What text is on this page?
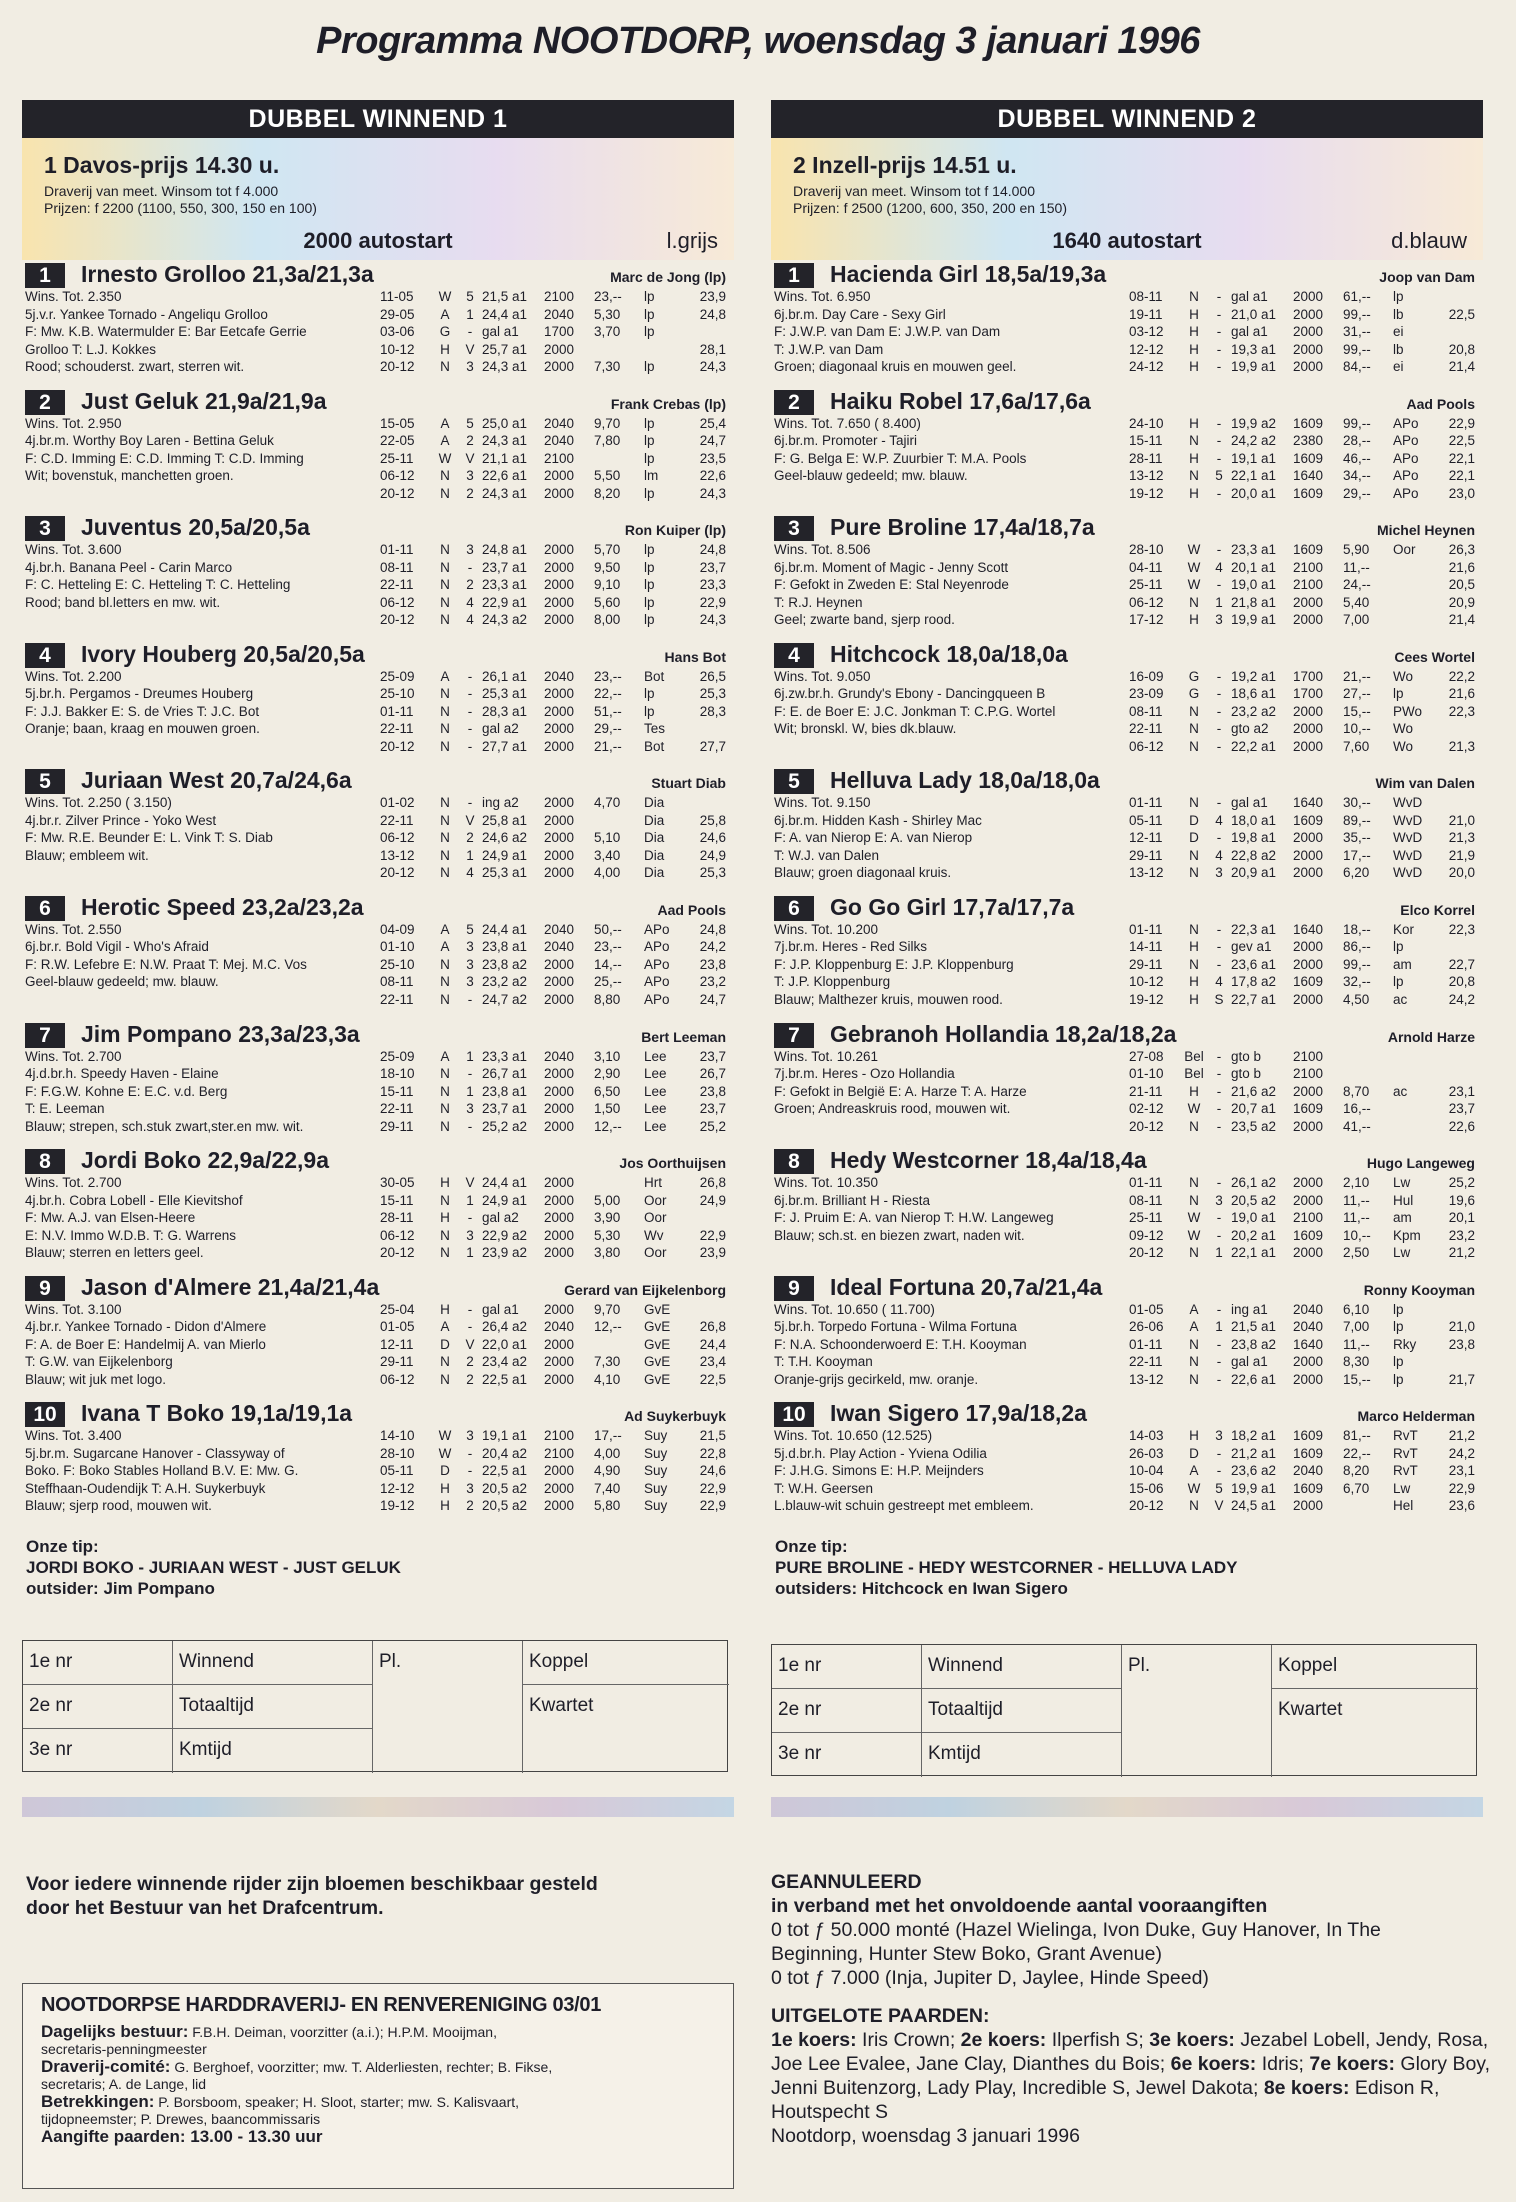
Programma NOOTDORP, woensdag 3 januari 1996
DUBBEL WINNEND 1
1 Davos-prijs 14.30 u.
Draverij van meet. Winsom tot f 4.000
Prijzen: f 2200 (1100, 550, 300, 150 en 100)
2000 autostart	l.grijs
1	Irnesto Grolloo 21,3a/21,3a	Marc de Jong (lp)
Wins. Tot. 2.350
5j.v.r. Yankee Tornado - Angeliqu Grolloo
F: Mw. K.B. Watermulder E: Bar Eetcafe Gerrie
Grolloo T: L.J. Kokkes
Rood; schouderst. zwart, sterren wit.
11-05	W	5 21,5 a1	2100	23,--	lp	23,9
29-05	A	1 24,4 a1	2040	5,30	lp	24,8
03-06	G	- gal a1	1700	3,70	lp
10-12	H	V 25,7 a1	2000	28,1
20-12	N	3 24,3 a1	2000	7,30	lp	24,3
2	Just Geluk 21,9a/21,9a	Frank Crebas (lp)
Wins. Tot. 2.950
4j.br.m. Worthy Boy Laren - Bettina Geluk
F: C.D. Imming E: C.D. Imming T: C.D. Imming
Wit; bovenstuk, manchetten groen.
15-05	A	5 25,0 a1	2040	9,70	lp	25,4
22-05	A	2 24,3 a1	2040	7,80	lp	24,7
25-11	W	V 21,1 a1	2100	lp	23,5
06-12	N	3 22,6 a1	2000	5,50	lm	22,6
20-12	N	2 24,3 a1	2000	8,20	lp	24,3
3	Juventus 20,5a/20,5a	Ron Kuiper (lp)
Wins. Tot. 3.600
4j.br.h. Banana Peel - Carin Marco
F: C. Hetteling E: C. Hetteling T: C. Hetteling
Rood; band bl.letters en mw. wit.
01-11	N	3 24,8 a1	2000	5,70	lp	24,8
08-11	N	- 23,7 a1	2000	9,50	lp	23,7
22-11	N	2 23,3 a1	2000	9,10	lp	23,3
06-12	N	4 22,9 a1	2000	5,60	lp	22,9
20-12	N	4 24,3 a2	2000	8,00	lp	24,3
4	Ivory Houberg 20,5a/20,5a	Hans Bot
Wins. Tot. 2.200
5j.br.h. Pergamos - Dreumes Houberg
F: J.J. Bakker E: S. de Vries T: J.C. Bot
Oranje; baan, kraag en mouwen groen.
25-09	A	- 26,1 a1	2040	23,--	Bot	26,5
25-10	N	- 25,3 a1	2000	22,--	lp	25,3
01-11	N	- 28,3 a1	2000	51,--	lp	28,3
22-11	N	- gal a2	2000	29,--	Tes
20-12	N	- 27,7 a1	2000	21,--	Bot	27,7
5	Juriaan West 20,7a/24,6a	Stuart Diab
Wins. Tot. 2.250 ( 3.150)
4j.br.r. Zilver Prince - Yoko West
F: Mw. R.E. Beunder E: L. Vink T: S. Diab
Blauw; embleem wit.
01-02	N	- ing a2	2000	4,70	Dia
22-11	N	V 25,8 a1	2000	Dia	25,8
06-12	N	2 24,6 a2	2000	5,10	Dia	24,6
13-12	N	1 24,9 a1	2000	3,40	Dia	24,9
20-12	N	4 25,3 a1	2000	4,00	Dia	25,3
6	Herotic Speed 23,2a/23,2a	Aad Pools
Wins. Tot. 2.550
6j.br.r. Bold Vigil - Who's Afraid
F: R.W. Lefebre E: N.W. Praat T: Mej. M.C. Vos
Geel-blauw gedeeld; mw. blauw.
04-09	A	5 24,4 a1	2040	50,--	APo	24,8
01-10	A	3 23,8 a1	2040	23,--	APo	24,2
25-10	N	3 23,8 a2	2000	14,--	APo	23,8
08-11	N	3 23,2 a2	2000	25,--	APo	23,2
22-11	N	- 24,7 a2	2000	8,80	APo	24,7
7	Jim Pompano 23,3a/23,3a	Bert Leeman
Wins. Tot. 2.700
4j.d.br.h. Speedy Haven - Elaine
F: F.G.W. Kohne E: E.C. v.d. Berg
T: E. Leeman
Blauw; strepen, sch.stuk zwart,ster.en mw. wit.
25-09	A	1 23,3 a1	2040	3,10	Lee	23,7
18-10	N	- 26,7 a1	2000	2,90	Lee	26,7
15-11	N	1 23,8 a1	2000	6,50	Lee	23,8
22-11	N	3 23,7 a1	2000	1,50	Lee	23,7
29-11	N	- 25,2 a2	2000	12,--	Lee	25,2
8	Jordi Boko 22,9a/22,9a	Jos Oorthuijsen
Wins. Tot. 2.700
4j.br.h. Cobra Lobell - Elle Kievitshof
F: Mw. A.J. van Elsen-Heere
E: N.V. Immo W.D.B. T: G. Warrens
Blauw; sterren en letters geel.
30-05	H	V 24,4 a1	2000	Hrt	26,8
15-11	N	1 24,9 a1	2000	5,00	Oor	24,9
28-11	H	- gal a2	2000	3,90	Oor
06-12	N	3 22,9 a2	2000	5,30	Wv	22,9
20-12	N	1 23,9 a2	2000	3,80	Oor	23,9
9	Jason d'Almere 21,4a/21,4a	Gerard van Eijkelenborg
Wins. Tot. 3.100
4j.br.r. Yankee Tornado - Didon d'Almere
F: A. de Boer E: Handelmij A. van Mierlo
T: G.W. van Eijkelenborg
Blauw; wit juk met logo.
25-04	H	- gal a1	2000	9,70	GvE
01-05	A	- 26,4 a2	2040	12,--	GvE	26,8
12-11	D	V 22,0 a1	2000	GvE	24,4
29-11	N	2 23,4 a2	2000	7,30	GvE	23,4
06-12	N	2 22,5 a1	2000	4,10	GvE	22,5
10	Ivana T Boko 19,1a/19,1a	Ad Suykerbuyk
Wins. Tot. 3.400
5j.br.m. Sugarcane Hanover - Classyway of
Boko. F: Boko Stables Holland B.V. E: Mw. G.
Steffhaan-Oudendijk T: A.H. Suykerbuyk
Blauw; sjerp rood, mouwen wit.
14-10	W	3 19,1 a1	2100	17,--	Suy	21,5
28-10	W	- 20,4 a2	2100	4,00	Suy	22,8
05-11	D	- 22,5 a1	2000	4,90	Suy	24,6
12-12	H	3 20,5 a2	2000	7,40	Suy	22,9
19-12	H	2 20,5 a2	2000	5,80	Suy	22,9
Onze tip:
JORDI BOKO - JURIAAN WEST - JUST GELUK
outsider: Jim Pompano
DUBBEL WINNEND 2
2 Inzell-prijs 14.51 u.
Draverij van meet. Winsom tot f 14.000
Prijzen: f 2500 (1200, 600, 350, 200 en 150)
1640 autostart	d.blauw
1	Hacienda Girl 18,5a/19,3a	Joop van Dam
Wins. Tot. 6.950
6j.br.m. Day Care - Sexy Girl
F: J.W.P. van Dam E: J.W.P. van Dam
T: J.W.P. van Dam
Groen; diagonaal kruis en mouwen geel.
08-11	N	- gal a1	2000	61,--	lp
19-11	H	- 21,0 a1	2000	99,--	lb	22,5
03-12	H	- gal a1	2000	31,--	ei
12-12	H	- 19,3 a1	2000	99,--	lb	20,8
24-12	H	- 19,9 a1	2000	84,--	ei	21,4
2	Haiku Robel 17,6a/17,6a	Aad Pools
Wins. Tot. 7.650 ( 8.400)
6j.br.m. Promoter - Tajiri
F: G. Belga E: W.P. Zuurbier T: M.A. Pools
Geel-blauw gedeeld; mw. blauw.
24-10	H	- 19,9 a2	1609	99,--	APo	22,9
15-11	N	- 24,2 a2	2380	28,--	APo	22,5
28-11	H	- 19,1 a1	1609	46,--	APo	22,1
13-12	N	5 22,1 a1	1640	34,--	APo	22,1
19-12	H	- 20,0 a1	1609	29,--	APo	23,0
3	Pure Broline 17,4a/18,7a	Michel Heynen
Wins. Tot. 8.506
6j.br.m. Moment of Magic - Jenny Scott
F: Gefokt in Zweden E: Stal Neyenrode
T: R.J. Heynen
Geel; zwarte band, sjerp rood.
28-10	W	- 23,3 a1	1609	5,90	Oor	26,3
04-11	W	4 20,1 a1	2100	11,--	21,6
25-11	W	- 19,0 a1	2100	24,--	20,5
06-12	N	1 21,8 a1	2000	5,40	20,9
17-12	H	3 19,9 a1	2000	7,00	21,4
4	Hitchcock 18,0a/18,0a	Cees Wortel
Wins. Tot. 9.050
6j.zw.br.h. Grundy's Ebony - Dancingqueen B
F: E. de Boer E: J.C. Jonkman T: C.P.G. Wortel
Wit; bronskl. W, bies dk.blauw.
16-09	G	- 19,2 a1	1700	21,--	Wo	22,2
23-09	G	- 18,6 a1	1700	27,--	lp	21,6
08-11	N	- 23,2 a2	2000	15,--	PWo	22,3
22-11	N	- gto a2	2000	10,--	Wo
06-12	N	- 22,2 a1	2000	7,60	Wo	21,3
5	Helluva Lady 18,0a/18,0a	Wim van Dalen
Wins. Tot. 9.150
6j.br.m. Hidden Kash - Shirley Mac
F: A. van Nierop E: A. van Nierop
T: W.J. van Dalen
Blauw; groen diagonaal kruis.
01-11	N	- gal a1	1640	30,--	WvD
05-11	D	4 18,0 a1	1609	89,--	WvD	21,0
12-11	D	- 19,8 a1	2000	35,--	WvD	21,3
29-11	N	4 22,8 a2	2000	17,--	WvD	21,9
13-12	N	3 20,9 a1	2000	6,20	WvD	20,0
6	Go Go Girl 17,7a/17,7a	Elco Korrel
Wins. Tot. 10.200
7j.br.m. Heres - Red Silks
F: J.P. Kloppenburg E: J.P. Kloppenburg
T: J.P. Kloppenburg
Blauw; Malthezer kruis, mouwen rood.
01-11	N	- 22,3 a1	1640	18,--	Kor	22,3
14-11	H	- gev a1	2000	86,--	lp
29-11	N	- 23,6 a1	2000	99,--	am	22,7
10-12	H	4 17,8 a2	1609	32,--	lp	20,8
19-12	H	S 22,7 a1	2000	4,50	ac	24,2
7	Gebranoh Hollandia 18,2a/18,2a	Arnold Harze
Wins. Tot. 10.261
7j.br.m. Heres - Ozo Hollandia
F: Gefokt in België E: A. Harze T: A. Harze
Groen; Andreaskruis rood, mouwen wit.
27-08	Bel - gto b	2100
01-10	Bel - gto b	2100
21-11	H	- 21,6 a2	2000	8,70	ac	23,1
02-12	W	- 20,7 a1	1609	16,--	23,7
20-12	N	- 23,5 a2	2000	41,--	22,6
8	Hedy Westcorner 18,4a/18,4a	Hugo Langeweg
Wins. Tot. 10.350
6j.br.m. Brilliant H - Riesta
F: J. Pruim E: A. van Nierop T: H.W. Langeweg
Blauw; sch.st. en biezen zwart, naden wit.
01-11	N	- 26,1 a2	2000	2,10	Lw	25,2
08-11	N	3 20,5 a2	2000	11,--	Hul	19,6
25-11	W	- 19,0 a1	2100	11,--	am	20,1
09-12	W	- 20,2 a1	1609	10,--	Kpm	23,2
20-12	N	1 22,1 a1	2000	2,50	Lw	21,2
9	Ideal Fortuna 20,7a/21,4a	Ronny Kooyman
Wins. Tot. 10.650 ( 11.700)
5j.br.h. Torpedo Fortuna - Wilma Fortuna
F: N.A. Schoonderwoerd E: T.H. Kooyman
T: T.H. Kooyman
Oranje-grijs gecirkeld, mw. oranje.
01-05	A	- ing a1	2040	6,10	lp
26-06	A	1 21,5 a1	2040	7,00	lp	21,0
01-11	N	- 23,8 a2	1640	11,--	Rky	23,8
22-11	N	- gal a1	2000	8,30	lp
13-12	N	- 22,6 a1	2000	15,--	lp	21,7
10	Iwan Sigero 17,9a/18,2a	Marco Helderman
Wins. Tot. 10.650 (12.525)
5j.d.br.h. Play Action - Yviena Odilia
F: J.H.G. Simons E: H.P. Meijnders
T: W.H. Geersen
L.blauw-wit schuin gestreept met embleem.
14-03	H	3 18,2 a1	1609	81,--	RvT	21,2
26-03	D	- 21,2 a1	1609	22,--	RvT	24,2
10-04	A	- 23,6 a2	2040	8,20	RvT	23,1
15-06	W	5 19,9 a1	1609	6,70	Lw	22,9
20-12	N	V 24,5 a1	2000	Hel	23,6
Onze tip:
PURE BROLINE - HEDY WESTCORNER - HELLUVA LADY
outsiders: Hitchcock en Iwan Sigero
1e nr	Winnend	Pl.	Koppel
2e nr	Totaaltijd	Kwartet
3e nr	Kmtijd
1e nr	Winnend	Pl.	Koppel
2e nr	Totaaltijd	Kwartet
3e nr	Kmtijd
Voor iedere winnende rijder zijn bloemen beschikbaar gesteld
door het Bestuur van het Drafcentrum.
NOOTDORPSE HARDDRAVERIJ- EN RENVERENIGING 03/01

Dagelijks bestuur: F.B.H. Deiman, voorzitter (a.i.); H.P.M. Mooijman,
secretaris-penningmeester

Draverij-comité: G. Berghoef, voorzitter; mw. T. Alderliesten, rechter; B. Fikse,
secretaris; A. de Lange, lid

Betrekkingen: P. Borsboom, speaker; H. Sloot, starter; mw. S. Kalisvaart,
tijdopneemster; P. Drewes, baancommissaris

Aangifte paarden: 13.00 - 13.30 uur

GEANNULEERD
in verband met het onvoldoende aantal vooraangiften
0 tot ƒ 50.000 monté (Hazel Wielinga, Ivon Duke, Guy Hanover, In The
Beginning, Hunter Stew Boko, Grant Avenue)
0 tot ƒ 7.000 (Inja, Jupiter D, Jaylee, Hinde Speed)
UITGELOTE PAARDEN:
1e koers: Iris Crown; 2e koers: Ilperfish S; 3e koers: Jezabel Lobell, Jendy, Rosa, Joe Lee Evalee, Jane Clay, Dianthes du Bois; 6e koers: Idris; 7e koers: Glory Boy, Jenni Buitenzorg, Lady Play, Incredible S, Jewel Dakota; 8e koers: Edison R, Houtspecht S
Nootdorp, woensdag 3 januari 1996
